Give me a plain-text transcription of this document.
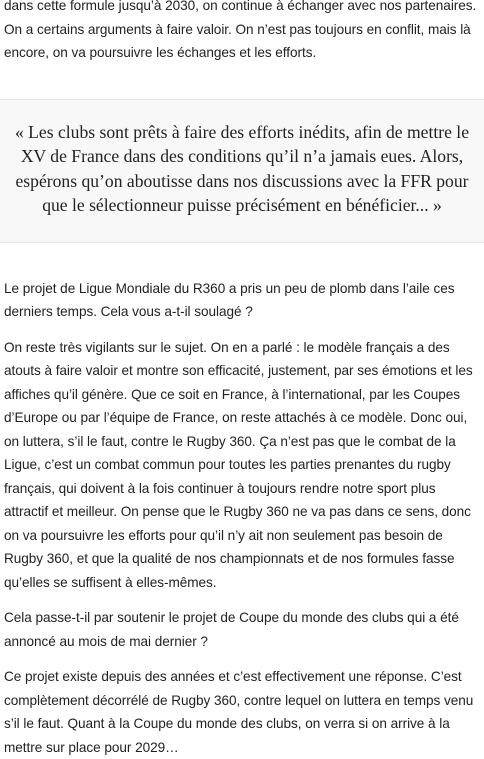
dans cette formule jusqu’à 2030, on continue à échanger avec nos partenaires. On a certains arguments à faire valoir. On n’est pas toujours en conflit, mais là encore, on va poursuivre les échanges et les efforts.

« Les clubs sont prêts à faire des efforts inédits, afin de mettre le XV de France dans des conditions qu’il n’a jamais eues. Alors, espérons qu’on aboutisse dans nos discussions avec la FFR pour que le sélectionneur puisse précisément en bénéficier... »

Le projet de Ligue Mondiale du R360 a pris un peu de plomb dans l’aile ces derniers temps. Cela vous a-t-il soulagé ?

On reste très vigilants sur le sujet. On en a parlé : le modèle français a des atouts à faire valoir et montre son efficacité, justement, par ses émotions et les affiches qu’il génère. Que ce soit en France, à l’international, par les Coupes d’Europe ou par l’équipe de France, on reste attachés à ce modèle. Donc oui, on luttera, s’il le faut, contre le Rugby 360. Ça n’est pas que le combat de la Ligue, c’est un combat commun pour toutes les parties prenantes du rugby français, qui doivent à la fois continuer à toujours rendre notre sport plus attractif et meilleur. On pense que le Rugby 360 ne va pas dans ce sens, donc on va poursuivre les efforts pour qu’il n’y ait non seulement pas besoin de Rugby 360, et que la qualité de nos championnats et de nos formules fasse qu’elles se suffisent à elles-mêmes.

Cela passe-t-il par soutenir le projet de Coupe du monde des clubs qui a été annoncé au mois de mai dernier ?

Ce projet existe depuis des années et c’est effectivement une réponse. C’est complètement décorrélé de Rugby 360, contre lequel on luttera en temps venu s’il le faut. Quant à la Coupe du monde des clubs, on verra si on arrive à la mettre sur place pour 2029…
